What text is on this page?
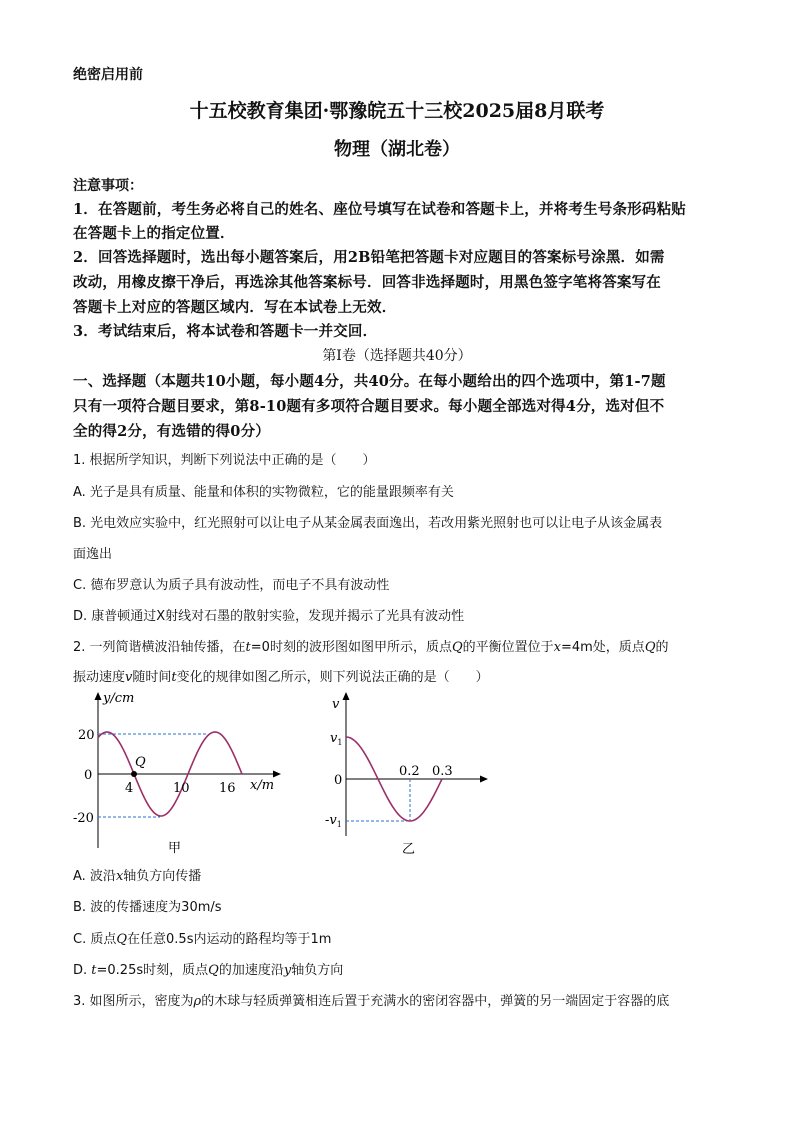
绝密启用前
十五校教育集团·鄂豫皖五十三校2025届8月联考
物理（湖北卷）
注意事项：
1．在答题前，考生务必将自己的姓名、座位号填写在试卷和答题卡上，并将考生号条形码粘贴
在答题卡上的指定位置．
2．回答选择题时，选出每小题答案后，用2B铅笔把答题卡对应题目的答案标号涂黑．如需
改动，用橡皮擦干净后，再选涂其他答案标号．回答非选择题时，用黑色签字笔将答案写在
答题卡上对应的答题区域内．写在本试卷上无效．
3．考试结束后，将本试卷和答题卡一并交回．
第Ⅰ卷（选择题共40分）
一、选择题（本题共10小题，每小题4分，共40分。在每小题给出的四个选项中，第1-7题
只有一项符合题目要求，第8-10题有多项符合题目要求。每小题全部选对得4分，选对但不
全的得2分，有选错的得0分）
1. 根据所学知识，判断下列说法中正确的是（　　）
A. 光子是具有质量、能量和体积的实物微粒，它的能量跟频率有关
B. 光电效应实验中，红光照射可以让电子从某金属表面逸出，若改用紫光照射也可以让电子从该金属表
面逸出
C. 德布罗意认为质子具有波动性，而电子不具有波动性
D. 康普顿通过X射线对石墨的散射实验，发现并揭示了光具有波动性
2. 一列简谐横波沿轴传播，在t=0时刻的波形图如图甲所示，质点Q的平衡位置位于x=4m处，质点Q的
振动速度v随时间t变化的规律如图乙所示，则下列说法正确的是（　　）
y/cm
20
0
-20
4	10 16 x/m
Q
甲
v
$v_1$
0
$-v_1$
0.2 0.3
乙
A. 波沿x轴负方向传播
B. 波的传播速度为30m/s
C. 质点Q在任意0.5s内运动的路程均等于1m
D. t=0.25s时刻，质点Q的加速度沿y轴负方向
3. 如图所示，密度为ρ的木球与轻质弹簧相连后置于充满水的密闭容器中，弹簧的另一端固定于容器的底
